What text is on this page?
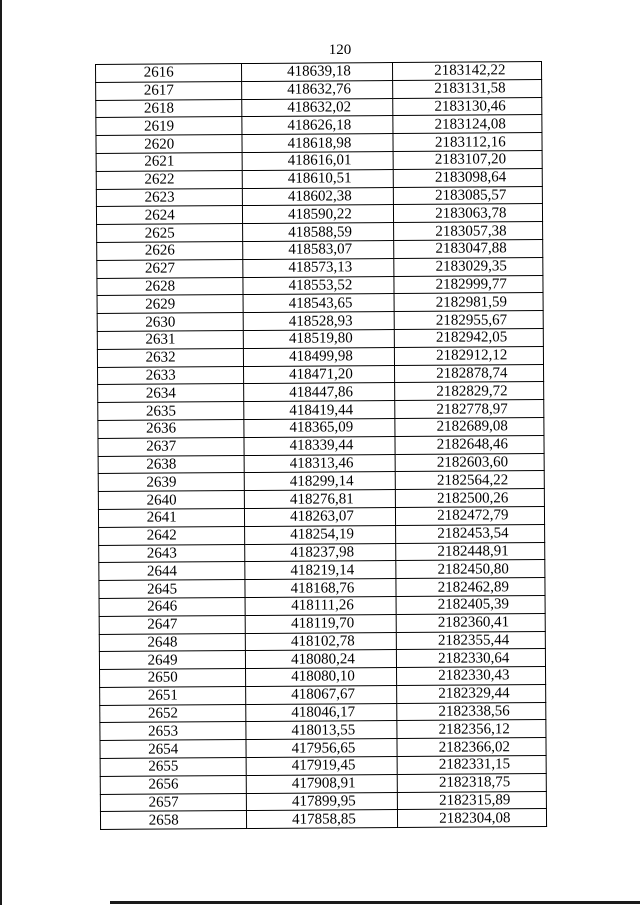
120
2616	418639,18	2183142,22
2617	418632,76	2183131,58
2618	418632,02	2183130,46
2619	418626,18	2183124,08
2620	418618,98	2183112,16
2621	418616,01	2183107,20
2622	418610,51	2183098,64
2623	418602,38	2183085,57
2624	418590,22	2183063,78
2625	418588,59	2183057,38
2626	418583,07	2183047,88
2627	418573,13	2183029,35
2628	418553,52	2182999,77
2629	418543,65	2182981,59
2630	418528,93	2182955,67
2631	418519,80	2182942,05
2632	418499,98	2182912,12
2633	418471,20	2182878,74
2634	418447,86	2182829,72
2635	418419,44	2182778,97
2636	418365,09	2182689,08
2637	418339,44	2182648,46
2638	418313,46	2182603,60
2639	418299,14	2182564,22
2640	418276,81	2182500,26
2641	418263,07	2182472,79
2642	418254,19	2182453,54
2643	418237,98	2182448,91
2644	418219,14	2182450,80
2645	418168,76	2182462,89
2646	418111,26	2182405,39
2647	418119,70	2182360,41
2648	418102,78	2182355,44
2649	418080,24	2182330,64
2650	418080,10	2182330,43
2651	418067,67	2182329,44
2652	418046,17	2182338,56
2653	418013,55	2182356,12
2654	417956,65	2182366,02
2655	417919,45	2182331,15
2656	417908,91	2182318,75
2657	417899,95	2182315,89
2658	417858,85	2182304,08
